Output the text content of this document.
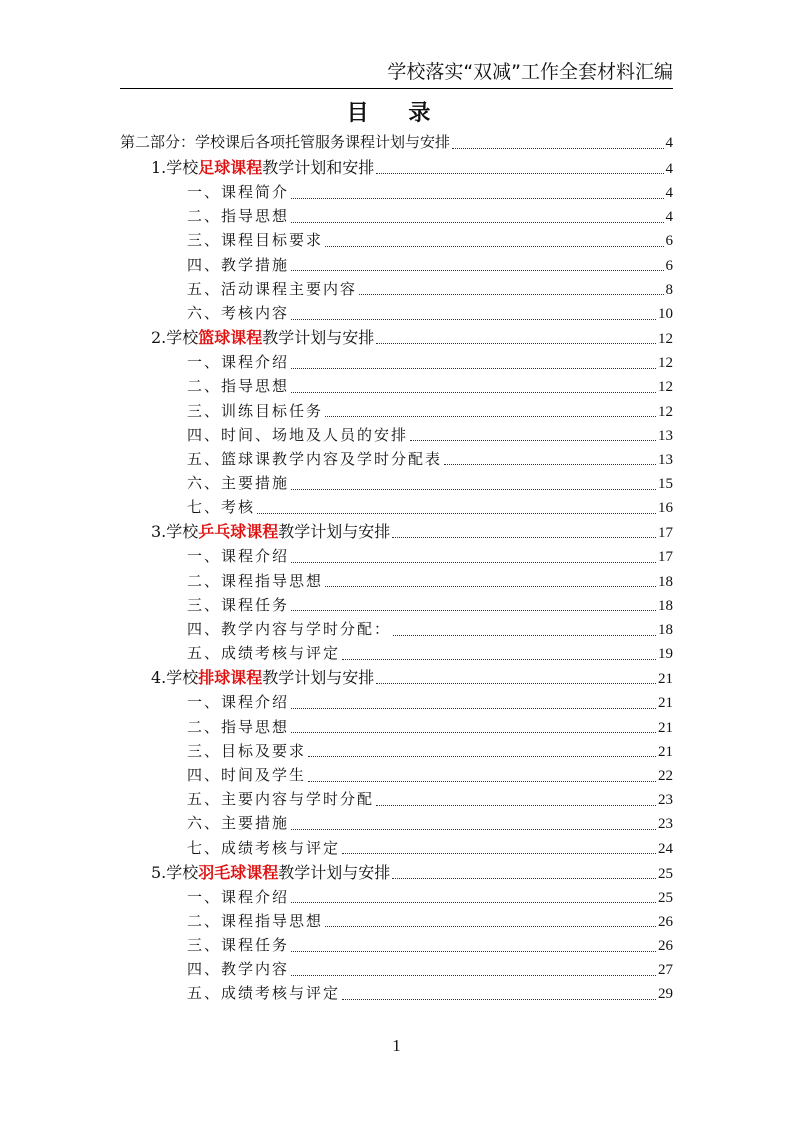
学校落实“双减”工作全套材料汇编
目 录
第二部分：学校课后各项托管服务课程计划与安排	4
1.学校足球课程教学计划和安排	4
一、课程简介	4
二、指导思想	4
三、课程目标要求	6
四、教学措施	6
五、活动课程主要内容	8
六、考核内容	10
2.学校篮球课程教学计划与安排	12
一、课程介绍	12
二、指导思想	12
三、训练目标任务	12
四、时间、场地及人员的安排	13
五、篮球课教学内容及学时分配表	13
六、主要措施	15
七、考核	16
3.学校乒乓球课程教学计划与安排	17
一、课程介绍	17
二、课程指导思想	18
三、课程任务	18
四、教学内容与学时分配：	18
五、成绩考核与评定	19
4.学校排球课程教学计划与安排	21
一、课程介绍	21
二、指导思想	21
三、目标及要求	21
四、时间及学生	22
五、主要内容与学时分配	23
六、主要措施	23
七、成绩考核与评定	24
5.学校羽毛球课程教学计划与安排	25
一、课程介绍	25
二、课程指导思想	26
三、课程任务	26
四、教学内容	27
五、成绩考核与评定	29
1
